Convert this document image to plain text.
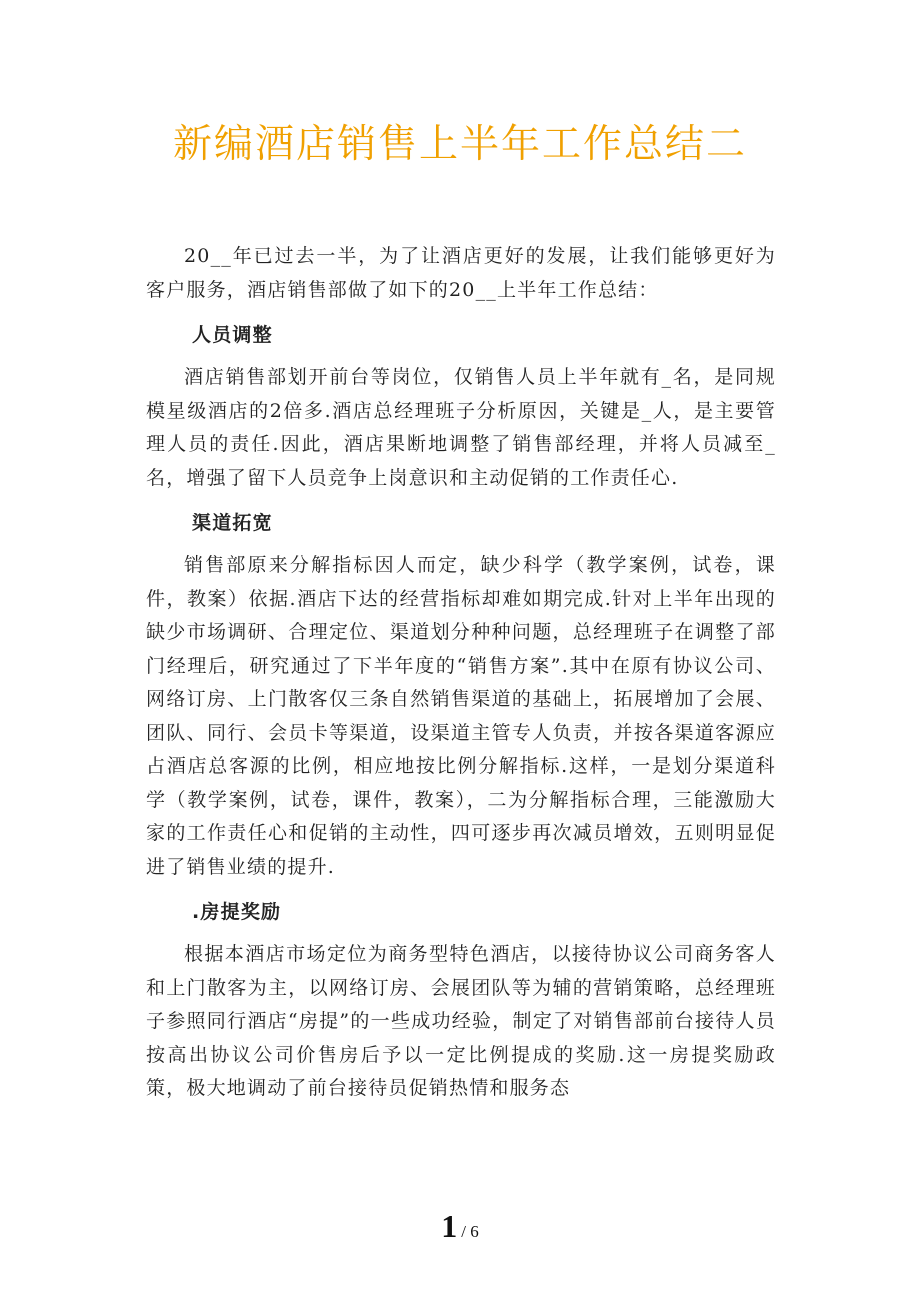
新编酒店销售上半年工作总结二

20__年已过去一半，为了让酒店更好的发展，让我们能够更好为客户服务，酒店销售部做了如下的20__上半年工作总结：

人员调整

酒店销售部划开前台等岗位，仅销售人员上半年就有_名，是同规模星级酒店的2倍多.酒店总经理班子分析原因，关键是_人，是主要管理人员的责任.因此，酒店果断地调整了销售部经理，并将人员减至_名，增强了留下人员竞争上岗意识和主动促销的工作责任心.

渠道拓宽

销售部原来分解指标因人而定，缺少科学（教学案例，试卷，课件，教案）依据.酒店下达的经营指标却难如期完成.针对上半年出现的缺少市场调研、合理定位、渠道划分种种问题，总经理班子在调整了部门经理后，研究通过了下半年度的“销售方案”.其中在原有协议公司、网络订房、上门散客仅三条自然销售渠道的基础上，拓展增加了会展、团队、同行、会员卡等渠道，设渠道主管专人负责，并按各渠道客源应占酒店总客源的比例，相应地按比例分解指标.这样，一是划分渠道科学（教学案例，试卷，课件，教案），二为分解指标合理，三能激励大家的工作责任心和促销的主动性，四可逐步再次减员增效，五则明显促进了销售业绩的提升.

.房提奖励

根据本酒店市场定位为商务型特色酒店，以接待协议公司商务客人和上门散客为主，以网络订房、会展团队等为辅的营销策略，总经理班子参照同行酒店“房提”的一些成功经验，制定了对销售部前台接待人员按高出协议公司价售房后予以一定比例提成的奖励.这一房提奖励政策，极大地调动了前台接待员促销热情和服务态

1 / 6
